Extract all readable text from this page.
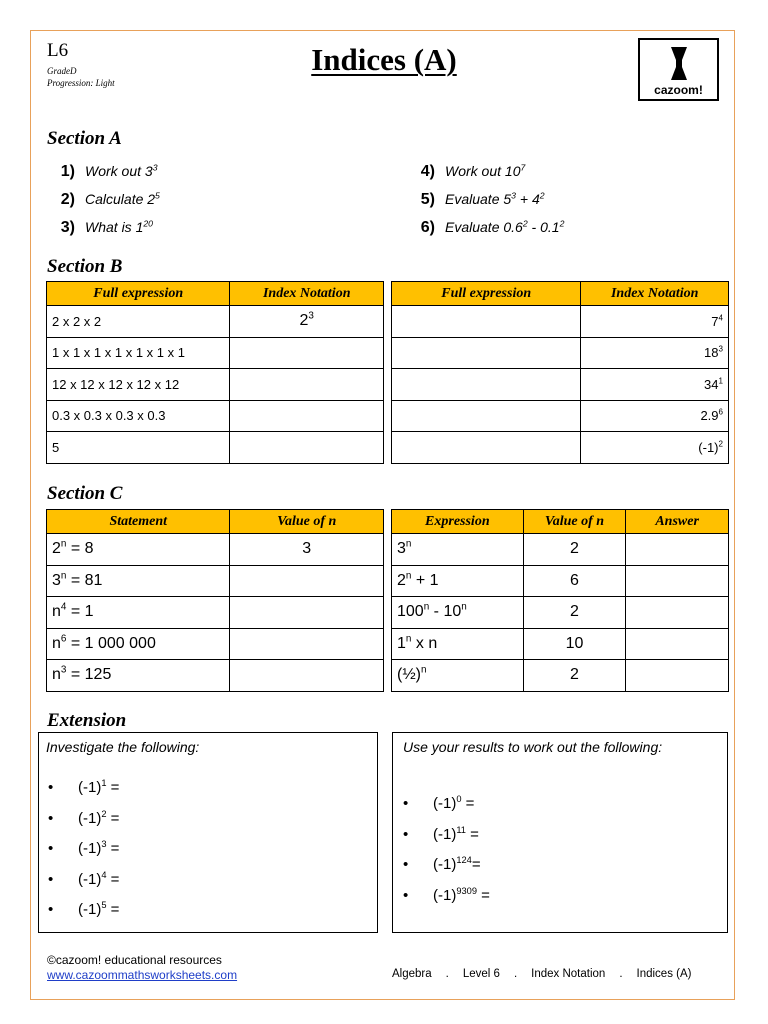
L6
GradeD
Progression: Light
Indices (A)
cazoom!
Section A
1) Work out $3^3$
2) Calculate $2^5$
3) What is $1^{20}$
4) Work out $10^7$
5) Evaluate $5^3 + 4^2$
6) Evaluate $0.6^2 - 0.1^2$
Section B
Full expression	Index Notation
2 x 2 x 2	$2^3$
1 x 1 x 1 x 1 x 1 x 1 x 1	
12 x 12 x 12 x 12 x 12	
0.3 x 0.3 x 0.3 x 0.3	
5	
Full expression	Index Notation
	$7^4$
	$18^3$
	$34^1$
	$2.9^6$
	$(-1)^2$
Section C
Statement	Value of n
$2^n = 8$	3
$3^n = 81$	
$n^4 = 1$	
$n^6 = 1$ 000 000	
$n^3 = 125$	
Expression	Value of n	Answer
3$^n$	2	
$2^n + 1$	6	
100$^n$ - 10$^n$	2	
1$^n$ x n	10	
(½)$^n$	2	
Extension
Investigate the following:
• $(-1)^1$ =
• $(-1)^2$ =
• $(-1)^3$ =
• $(-1)^4$ =
• $(-1)^5$ =
Use your results to work out the following:
• $(-1)^0$ =
• $(-1)^{11}$ =
• $(-1)^{124}=$
• $(-1)^{9309}$ =
©cazoom! educational resources
www.cazoommathsworksheets.com	Algebra . Level 6 . Index Notation . Indices (A)
